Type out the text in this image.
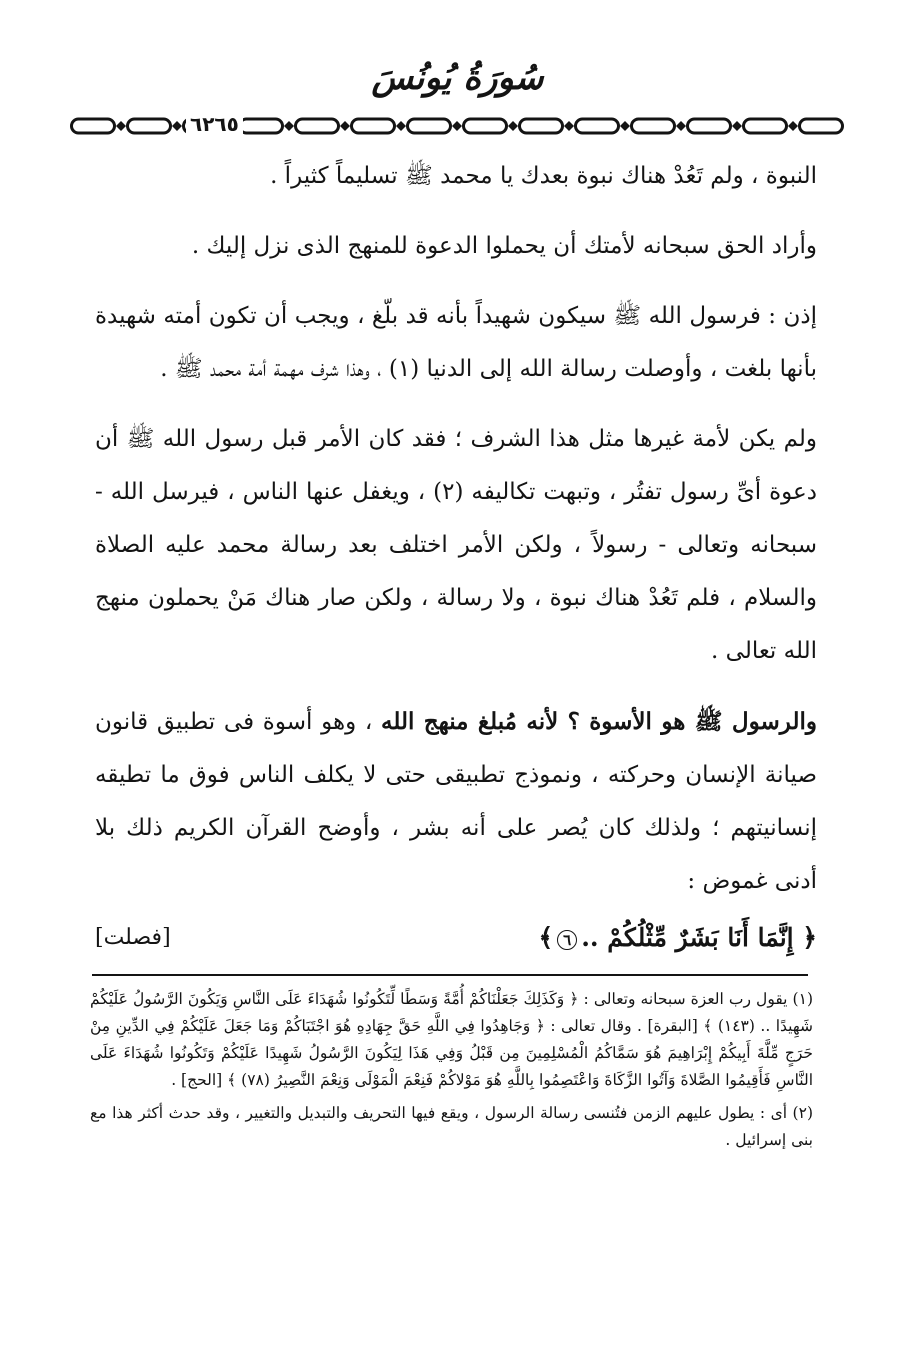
سُورَةُ يُونُسَ
٦٢٦٥

النبوة ، ولم تَعُدْ هناك نبوة بعدك يا محمد ﷺ تسليماً كثيراً .

وأراد الحق سبحانه لأمتك أن يحملوا الدعوة للمنهج الذى نزل إليك .

إذن : فرسول الله ﷺ سيكون شهيداً بأنه قد بلّغ ، ويجب أن تكون أمته شهيدة بأنها بلغت ، وأوصلت رسالة الله إلى الدنيا (١) ، وهذا شرف مهمة أمة محمد ﷺ .

ولم يكن لأمة غيرها مثل هذا الشرف ؛ فقد كان الأمر قبل رسول الله ﷺ أن دعوة أىِّ رسول تفتُر ، وتبهت تكاليفه (٢) ، ويغفل عنها الناس ، فيرسل الله - سبحانه وتعالى - رسولاً ، ولكن الأمر اختلف بعد رسالة محمد عليه الصلاة والسلام ، فلم تَعُدْ هناك نبوة ، ولا رسالة ، ولكن صار هناك مَنْ يحملون منهج الله تعالى .

والرسول ﷺ هو الأسوة ؟ لأنه مُبلغ منهج الله ، وهو أسوة فى تطبيق قانون صيانة الإنسان وحركته ، ونموذج تطبيقى حتى لا يكلف الناس فوق ما تطيقه إنسانيتهم ؛ ولذلك كان يُصر على أنه بشر ، وأوضح القرآن الكريم ذلك بلا أدنى غموض :

﴿ إِنَّمَا أَنَا بَشَرٌ مِّثْلُكُمْ ..٦﴾
[فصلت]

(١) يقول رب العزة سبحانه وتعالى : ﴿ وَكَذَلِكَ جَعَلْنَاكُمْ أُمَّةً وَسَطًا لِّتَكُونُوا شُهَدَاءَ عَلَى النَّاسِ وَيَكُونَ الرَّسُولُ عَلَيْكُمْ شَهِيدًا .. (١٤٣) ﴾ [البقرة] . وقال تعالى : ﴿ وَجَاهِدُوا فِي اللَّهِ حَقَّ جِهَادِهِ هُوَ اجْتَبَاكُمْ وَمَا جَعَلَ عَلَيْكُمْ فِي الدِّينِ مِنْ حَرَجٍ مِّلَّةَ أَبِيكُمْ إِبْرَاهِيمَ هُوَ سَمَّاكُمُ الْمُسْلِمِينَ مِن قَبْلُ وَفِي هَذَا لِيَكُونَ الرَّسُولُ شَهِيدًا عَلَيْكُمْ وَتَكُونُوا شُهَدَاءَ عَلَى النَّاسِ فَأَقِيمُوا الصَّلاةَ وَآتُوا الزَّكَاةَ وَاعْتَصِمُوا بِاللَّهِ هُوَ مَوْلاكُمْ فَنِعْمَ الْمَوْلَى وَنِعْمَ النَّصِيرُ (٧٨) ﴾ [الحج] .

(٢) أى : يطول عليهم الزمن فتُنسى رسالة الرسول ، ويقع فيها التحريف والتبديل والتغيير ، وقد حدث أكثر هذا مع بنى إسرائيل .
